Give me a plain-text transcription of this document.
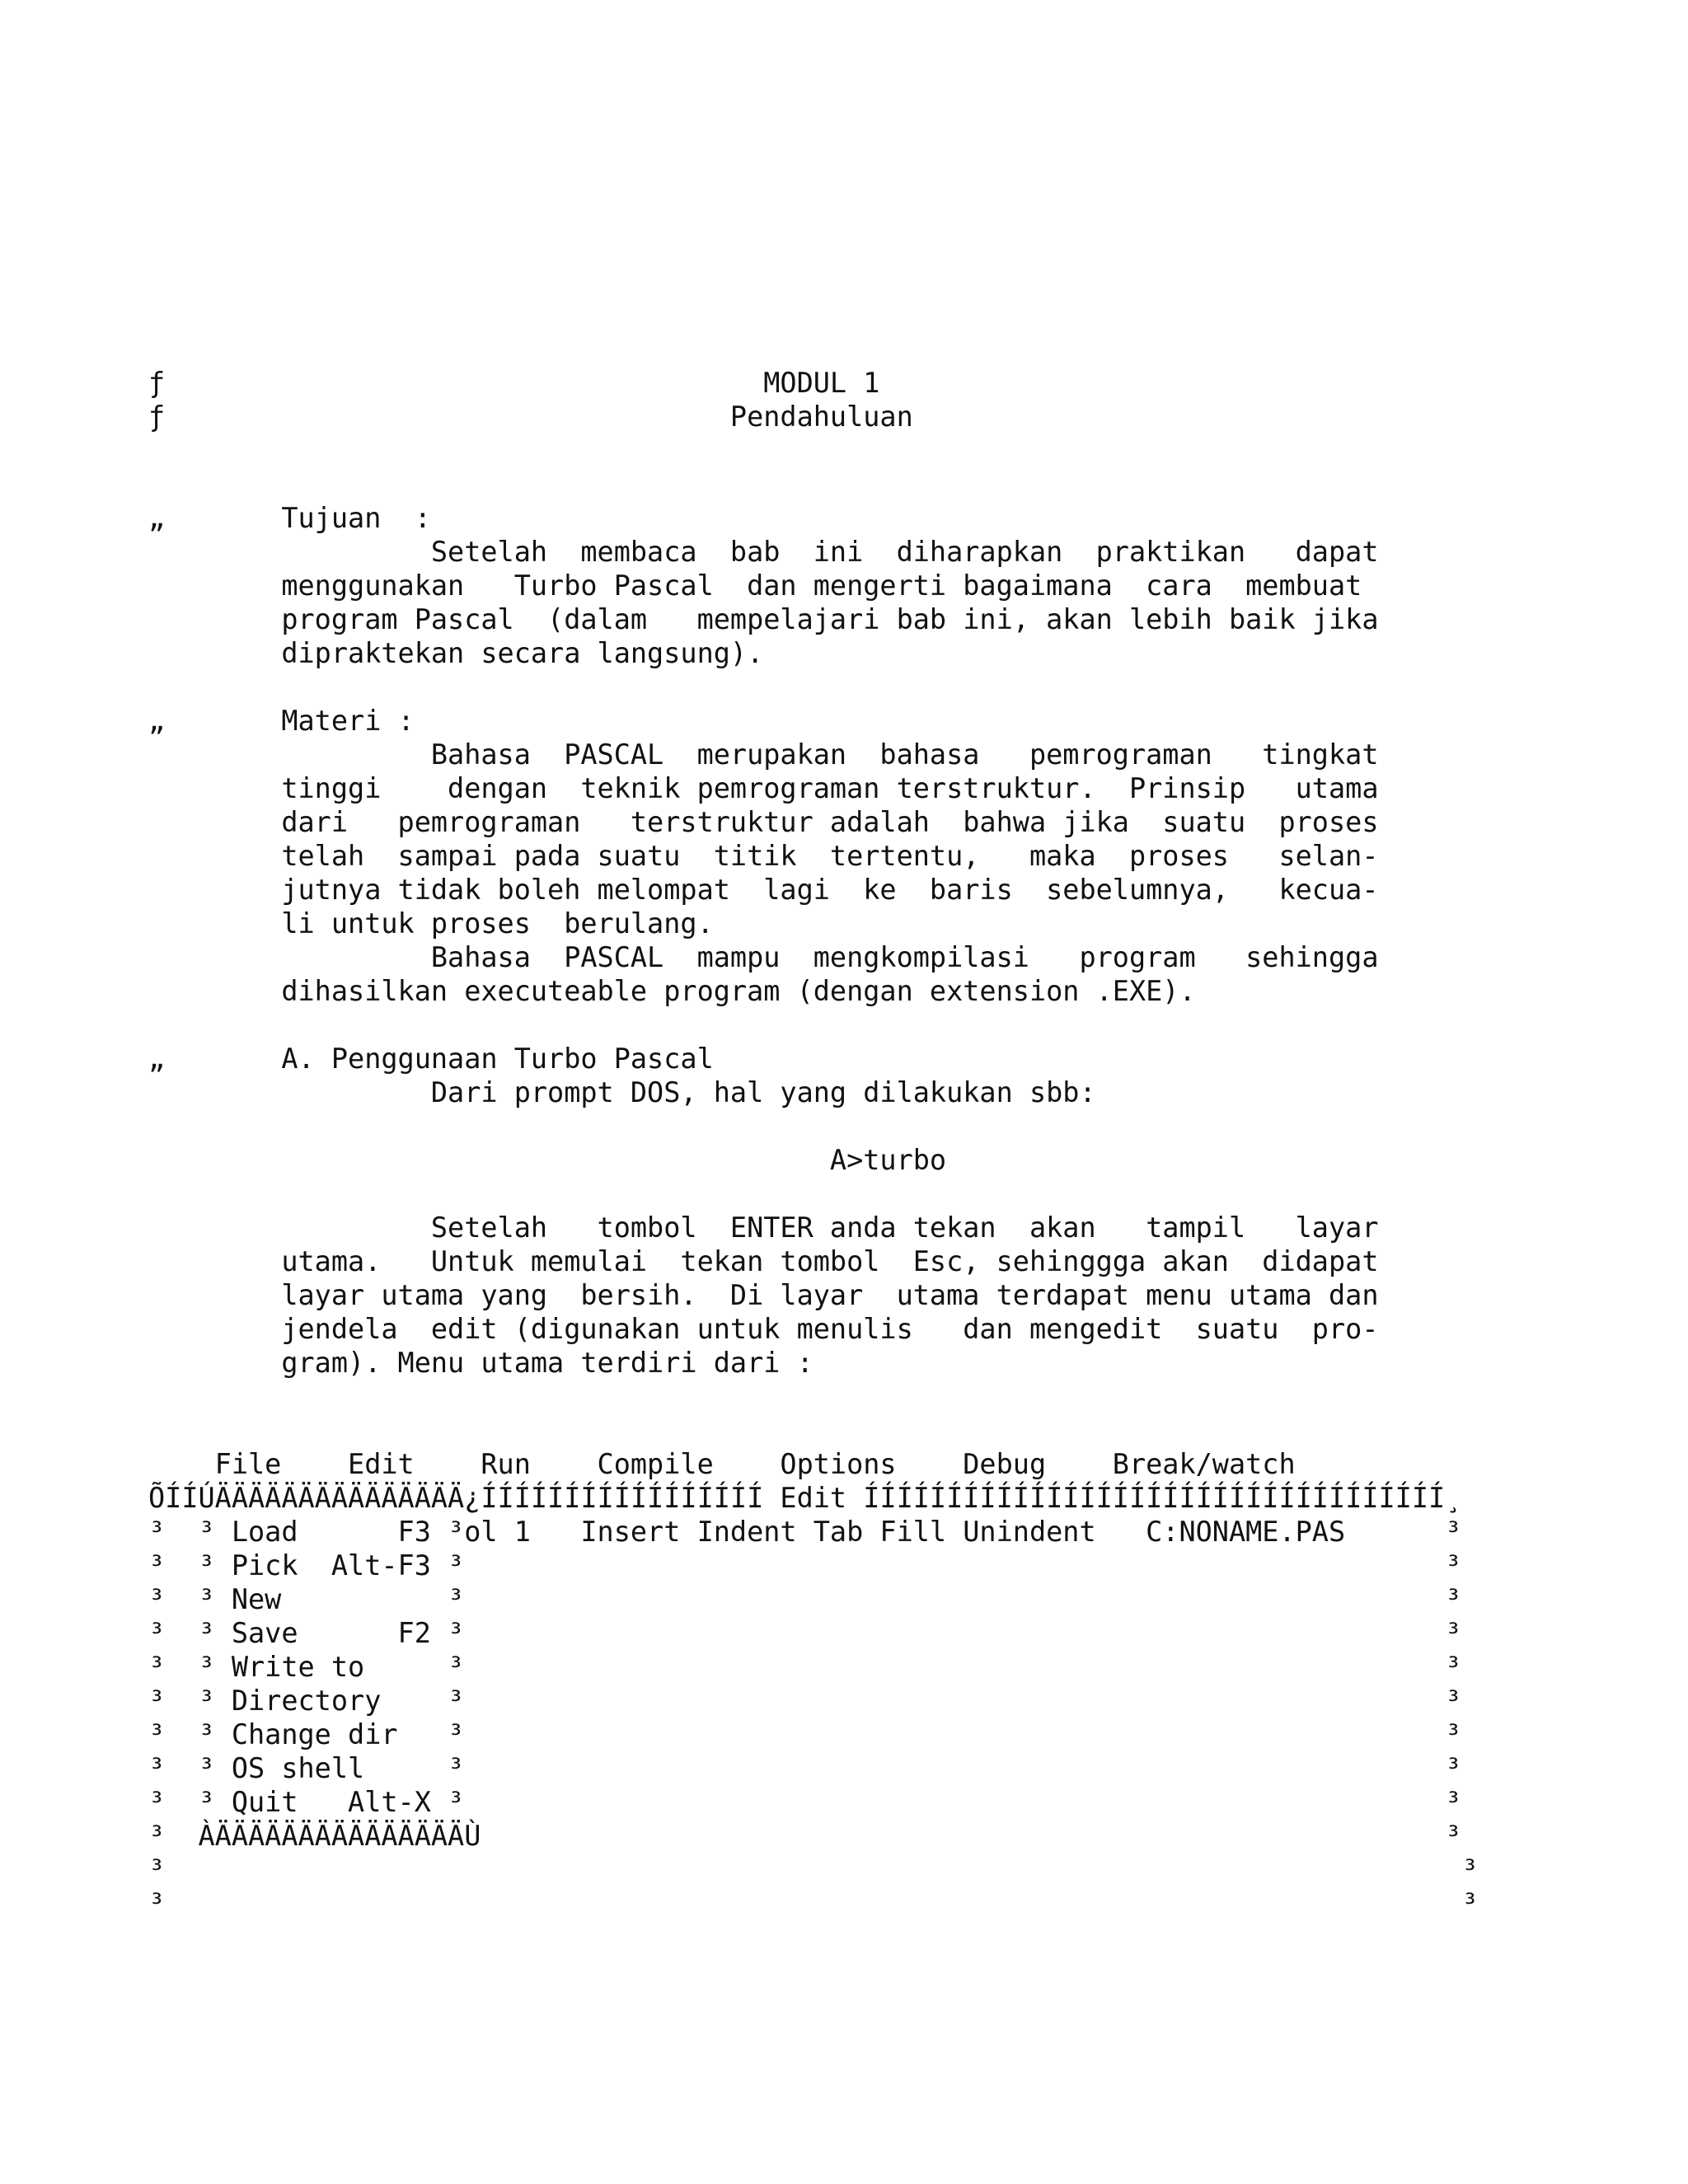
ƒ                                    MODUL 1
ƒ                                  Pendahuluan
„       Tujuan  :
Setelah  membaca  bab  ini  diharapkan  praktikan   dapat
menggunakan   Turbo Pascal  dan mengerti bagaimana  cara  membuat
program Pascal  (dalam   mempelajari bab ini, akan lebih baik jika
dipraktekan secara langsung).
„       Materi :
Bahasa  PASCAL  merupakan  bahasa   pemrograman   tingkat
tinggi    dengan  teknik pemrograman terstruktur.  Prinsip   utama
dari   pemrograman   terstruktur adalah  bahwa jika  suatu  proses
telah  sampai pada suatu  titik  tertentu,   maka  proses   selan-
jutnya tidak boleh melompat  lagi  ke  baris  sebelumnya,   kecua-
li untuk proses  berulang.
Bahasa  PASCAL  mampu  mengkompilasi   program   sehingga
dihasilkan executeable program (dengan extension .EXE).
„       A. Penggunaan Turbo Pascal
Dari prompt DOS, hal yang dilakukan sbb:
A>turbo
Setelah   tombol  ENTER anda tekan  akan   tampil   layar
utama.   Untuk memulai  tekan tombol  Esc, sehinggga akan  didapat
layar utama yang  bersih.  Di layar  utama terdapat menu utama dan
jendela  edit (digunakan untuk menulis   dan mengedit  suatu  pro-
gram). Menu utama terdiri dari :
File    Edit    Run    Compile    Options    Debug    Break/watch
ÕÍÍÚÄÄÄÄÄÄÄÄÄÄÄÄÄÄÄ¿ÍÍÍÍÍÍÍÍÍÍÍÍÍÍÍÍÍ Edit ÍÍÍÍÍÍÍÍÍÍÍÍÍÍÍÍÍÍÍÍÍÍÍÍÍÍÍÍÍÍÍÍÍÍÍ¸
³  ³ Load      F3 ³ol 1   Insert Indent Tab Fill Unindent   C:NONAME.PAS      ³
³  ³ Pick  Alt-F3 ³                                                           ³
³  ³ New          ³                                                           ³
³  ³ Save      F2 ³                                                           ³
³  ³ Write to     ³                                                           ³
³  ³ Directory    ³                                                           ³
³  ³ Change dir   ³                                                           ³
³  ³ OS shell     ³                                                           ³
³  ³ Quit   Alt-X ³                                                           ³
³  ÀÄÄÄÄÄÄÄÄÄÄÄÄÄÄÄÙ                                                          ³
³                                                                              ³
³                                                                              ³
